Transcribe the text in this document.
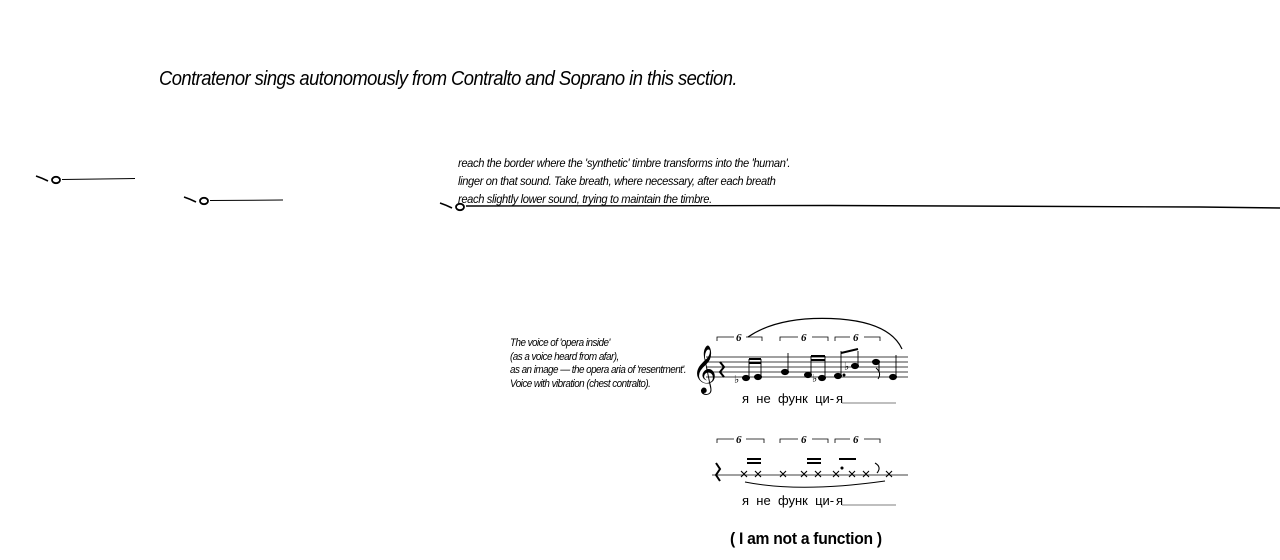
Contratenor sings autonomously from Contralto and Soprano in this section.
reach the border where the 'synthetic' timbre transforms into the 'human'.
linger on that sound. Take breath, where necessary, after each breath
reach slightly lower sound, trying to maintain the timbre.
The voice of 'opera inside'
(as a voice heard from afar),
as an image — the opera aria of 'resentment'.
Voice with vibration (chest contralto). 𝄞
6	6	6
♭	♭
♭
6	6	6
я не функ ци- я
я не функ ци- я
( I am not a function )
